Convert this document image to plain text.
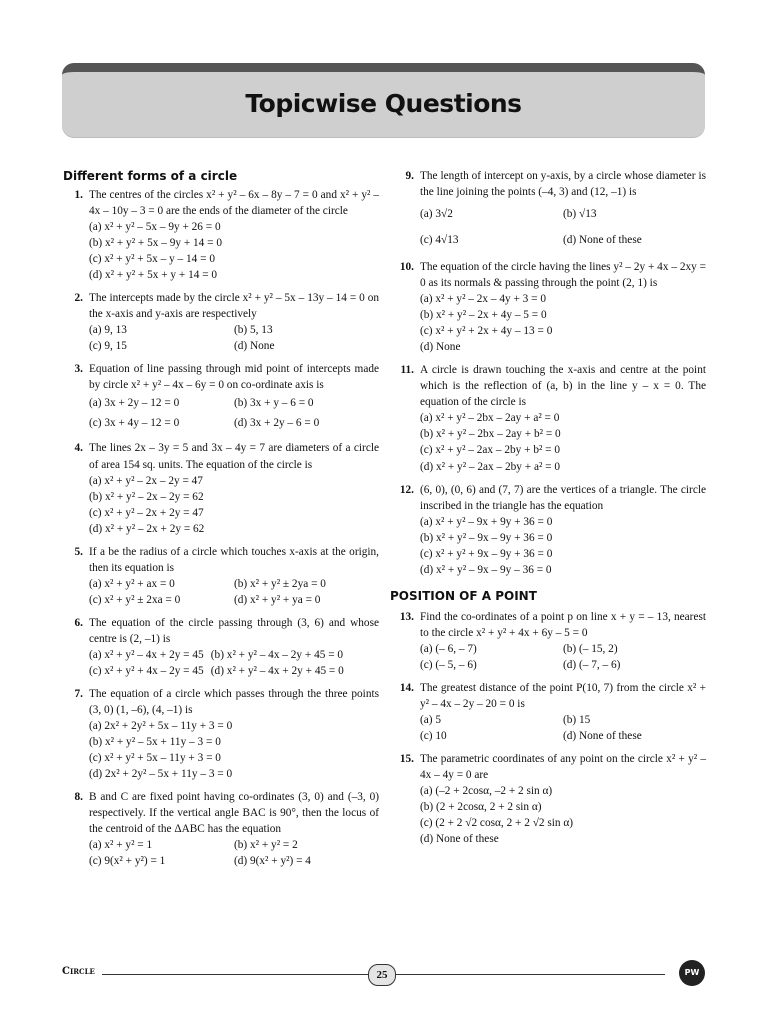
Topicwise Questions
Different forms of a circle
1. The centres of the circles x² + y² – 6x – 8y – 7 = 0 and x² + y² – 4x – 10y – 3 = 0 are the ends of the diameter of the circle
(a) x² + y² – 5x – 9y + 26 = 0
(b) x² + y² + 5x – 9y + 14 = 0
(c) x² + y² + 5x – y – 14 = 0
(d) x² + y² + 5x + y + 14 = 0
2. The intercepts made by the circle x² + y² – 5x – 13y – 14 = 0 on the x-axis and y-axis are respectively
(a) 9, 13	(b) 5, 13
(c) 9, 15	(d) None
3. Equation of line passing through mid point of intercepts made by circle x² + y² – 4x – 6y = 0 on co-ordinate axis is
(a) 3x + 2y – 12 = 0	(b) 3x + y – 6 = 0
(c) 3x + 4y – 12 = 0	(d) 3x + 2y – 6 = 0
4. The lines 2x – 3y = 5 and 3x – 4y = 7 are diameters of a circle of area 154 sq. units. The equation of the circle is
(a) x² + y² – 2x – 2y = 47
(b) x² + y² – 2x – 2y = 62
(c) x² + y² – 2x + 2y = 47
(d) x² + y² – 2x + 2y = 62
5. If a be the radius of a circle which touches x-axis at the origin, then its equation is
(a) x² + y² + ax = 0	(b) x² + y² ± 2ya = 0
(c) x² + y² ± 2xa = 0	(d) x² + y² + ya = 0
6. The equation of the circle passing through (3, 6) and whose centre is (2, –1) is
(a) x² + y² – 4x + 2y = 45 (b) x² + y² – 4x – 2y + 45 = 0
(c) x² + y² + 4x – 2y = 45 (d) x² + y² – 4x + 2y + 45 = 0
7. The equation of a circle which passes through the three points (3, 0) (1, –6), (4, –1) is
(a) 2x² + 2y² + 5x – 11y + 3 = 0
(b) x² + y² – 5x + 11y – 3 = 0
(c) x² + y² + 5x – 11y + 3 = 0
(d) 2x² + 2y² – 5x + 11y – 3 = 0
8. B and C are fixed point having co-ordinates (3, 0) and (–3, 0) respectively. If the vertical angle BAC is 90°, then the locus of the centroid of the ΔABC has the equation
(a) x² + y² = 1	(b) x² + y² = 2
(c) 9(x² + y²) = 1	(d) 9(x² + y²) = 4
9. The length of intercept on y-axis, by a circle whose diameter is the line joining the points (–4, 3) and (12, –1) is
(a) 3√2	(b) √13
(c) 4√13	(d) None of these
10. The equation of the circle having the lines y² – 2y + 4x – 2xy = 0 as its normals & passing through the point (2, 1) is
(a) x² + y² – 2x – 4y + 3 = 0
(b) x² + y² – 2x + 4y – 5 = 0
(c) x² + y² + 2x + 4y – 13 = 0
(d) None
11. A circle is drawn touching the x-axis and centre at the point which is the reflection of (a, b) in the line y – x = 0. The equation of the circle is
(a) x² + y² – 2bx – 2ay + a² = 0
(b) x² + y² – 2bx – 2ay + b² = 0
(c) x² + y² – 2ax – 2by + b² = 0
(d) x² + y² – 2ax – 2by + a² = 0
12. (6, 0), (0, 6) and (7, 7) are the vertices of a triangle. The circle inscribed in the triangle has the equation
(a) x² + y² – 9x + 9y + 36 = 0
(b) x² + y² – 9x – 9y + 36 = 0
(c) x² + y² + 9x – 9y + 36 = 0
(d) x² + y² – 9x – 9y – 36 = 0
POSITION OF A POINT
13. Find the co-ordinates of a point p on line x + y = – 13, nearest to the circle x² + y² + 4x + 6y – 5 = 0
(a) (– 6, – 7)	(b) (– 15, 2)
(c) (– 5, – 6)	(d) (– 7, – 6)
14. The greatest distance of the point P(10, 7) from the circle x² + y² – 4x – 2y – 20 = 0 is
(a) 5	(b) 15
(c) 10	(d) None of these
15. The parametric coordinates of any point on the circle x² + y² – 4x – 4y = 0 are
(a) (–2 + 2cosα, –2 + 2 sin α)
(b) (2 + 2cosα, 2 + 2 sin α)
(c) (2 + 2 √2 cosα, 2 + 2 √2 sin α)
(d) None of these
Circle	25	PW
